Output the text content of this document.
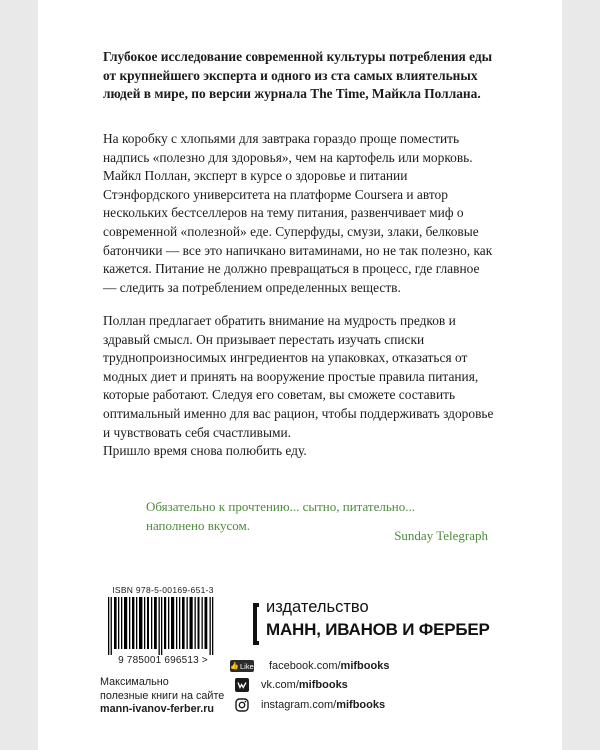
Глубокое исследование современной культуры потребления еды от крупнейшего эксперта и одного из ста самых влиятельных людей в мире, по версии журнала The Time, Майкла Поллана.
На коробку с хлопьями для завтрака гораздо проще поместить надпись «полезно для здоровья», чем на картофель или морковь. Майкл Поллан, эксперт в курсе о здоровье и питании Стэнфордского университета на платформе Coursera и автор нескольких бестселлеров на тему питания, развенчивает миф о современной «полезной» еде. Суперфуды, смузи, злаки, белковые батончики — все это напичкано витаминами, но не так полезно, как кажется. Питание не должно превращаться в процесс, где главное — следить за потреблением определенных веществ.
Поллан предлагает обратить внимание на мудрость предков и здравый смысл. Он призывает перестать изучать списки труднопроизносимых ингредиентов на упаковках, отказаться от модных диет и принять на вооружение простые правила питания, которые работают. Следуя его советам, вы сможете составить оптимальный именно для вас рацион, чтобы поддерживать здоровье и чувствовать себя счастливыми.
Пришло время снова полюбить еду.
Обязательно к прочтению... сытно, питательно... наполнено вкусом.
Sunday Telegraph
ISBN 978-5-00169-651-3
9 785001 696513 >
Максимально
полезные книги на сайте
mann-ivanov-ferber.ru
издательство
МАНН, ИВАНОВ И ФЕРБЕР
👍 Like facebook.com/ mifbooks
vk.com/ mifbooks
instagram.com/ mifbooks
